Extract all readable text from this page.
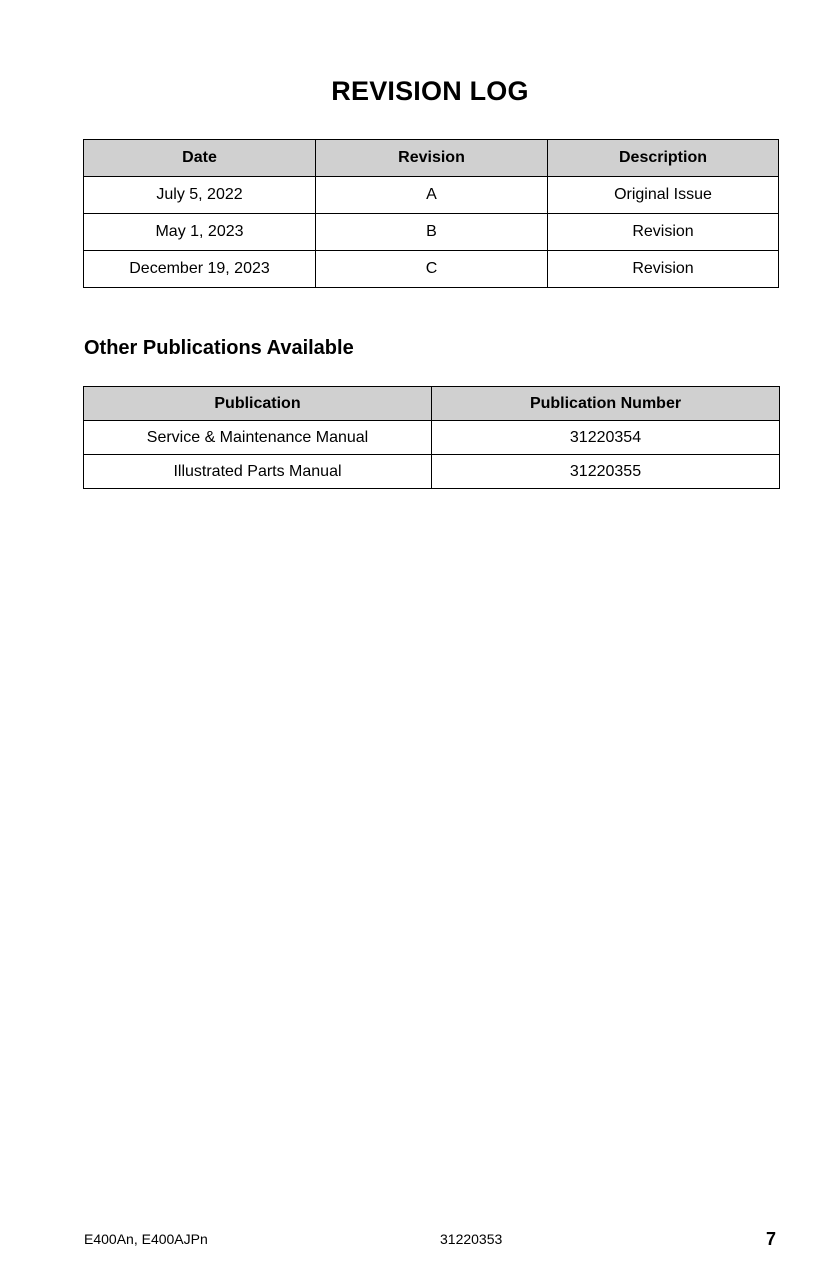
REVISION LOG
Date	Revision	Description
July 5, 2022	A	Original Issue
May 1, 2023	B	Revision
December 19, 2023	C	Revision
Other Publications Available
Publication	Publication Number
Service & Maintenance Manual	31220354
Illustrated Parts Manual	31220355
E400An, E400AJPn	31220353	7
